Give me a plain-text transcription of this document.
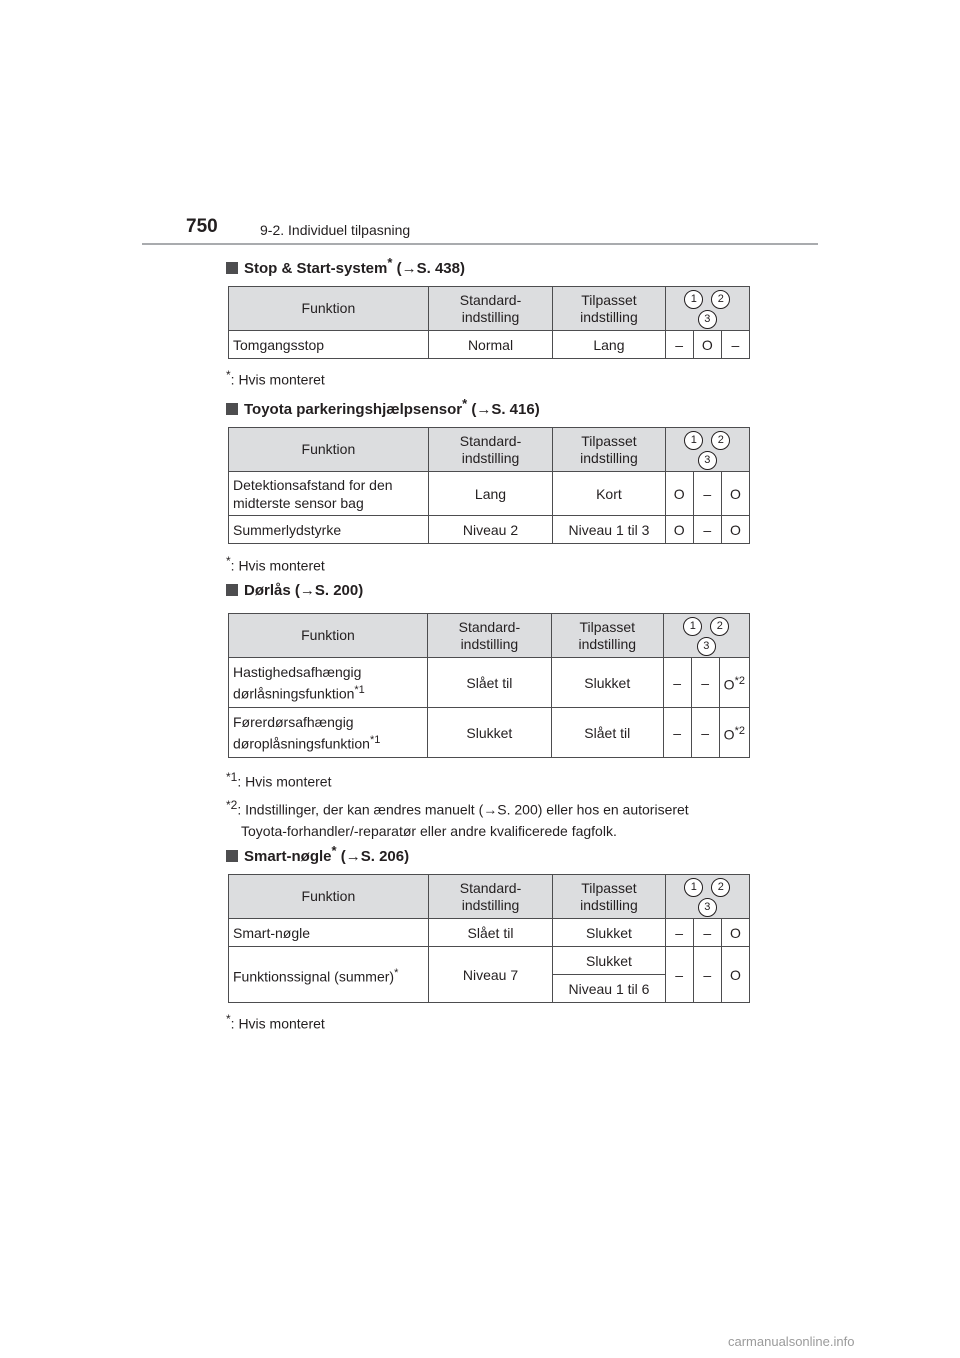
750	9-2. Individuel tilpasning
Stop & Start-system* (→S. 438)
Funktion	Standard-indstilling	Tilpasset indstilling	1 23		
Tomgangsstop	Normal	Lang	–	O	–
*: Hvis monteret
Toyota parkeringshjælpsensor* (→S. 416)
Funktion	Standard-indstilling	Tilpasset indstilling	1 23		
Detektionsafstand for den midterste sensor bag	Lang	Kort	O	–	O
Summerlydstyrke	Niveau 2	Niveau 1 til 3	O	–	O
*: Hvis monteret
Dørlås (→S. 200)
Funktion	Standard-indstilling	Tilpasset indstilling	1 23		
Hastighedsafhængig dørlåsningsfunktion$^{*1}$	Slået til	Slukket	–	–	$O^{*2}$
Førerdørsafhængig døroplåsningsfunktion$^{*1}$	Slukket	Slået til	–	–	$O^{*2}$
$^{*1}$: Hvis monteret
$^{*2}$: Indstillinger, der kan ændres manuelt (→S. 200) eller hos en autoriseret
Toyota-forhandler/-reparatør eller andre kvalificerede fagfolk.
Smart-nøgle* (→S. 206)
Funktion	Standard-indstilling	Tilpasset indstilling	1 23		
Smart-nøgle	Slået til	Slukket	–	–	O
Funktionssignal (summer)*	Niveau 7	Slukket	–	–	O
		Niveau 1 til 6			
*: Hvis monteret
carmanualsonline.info
